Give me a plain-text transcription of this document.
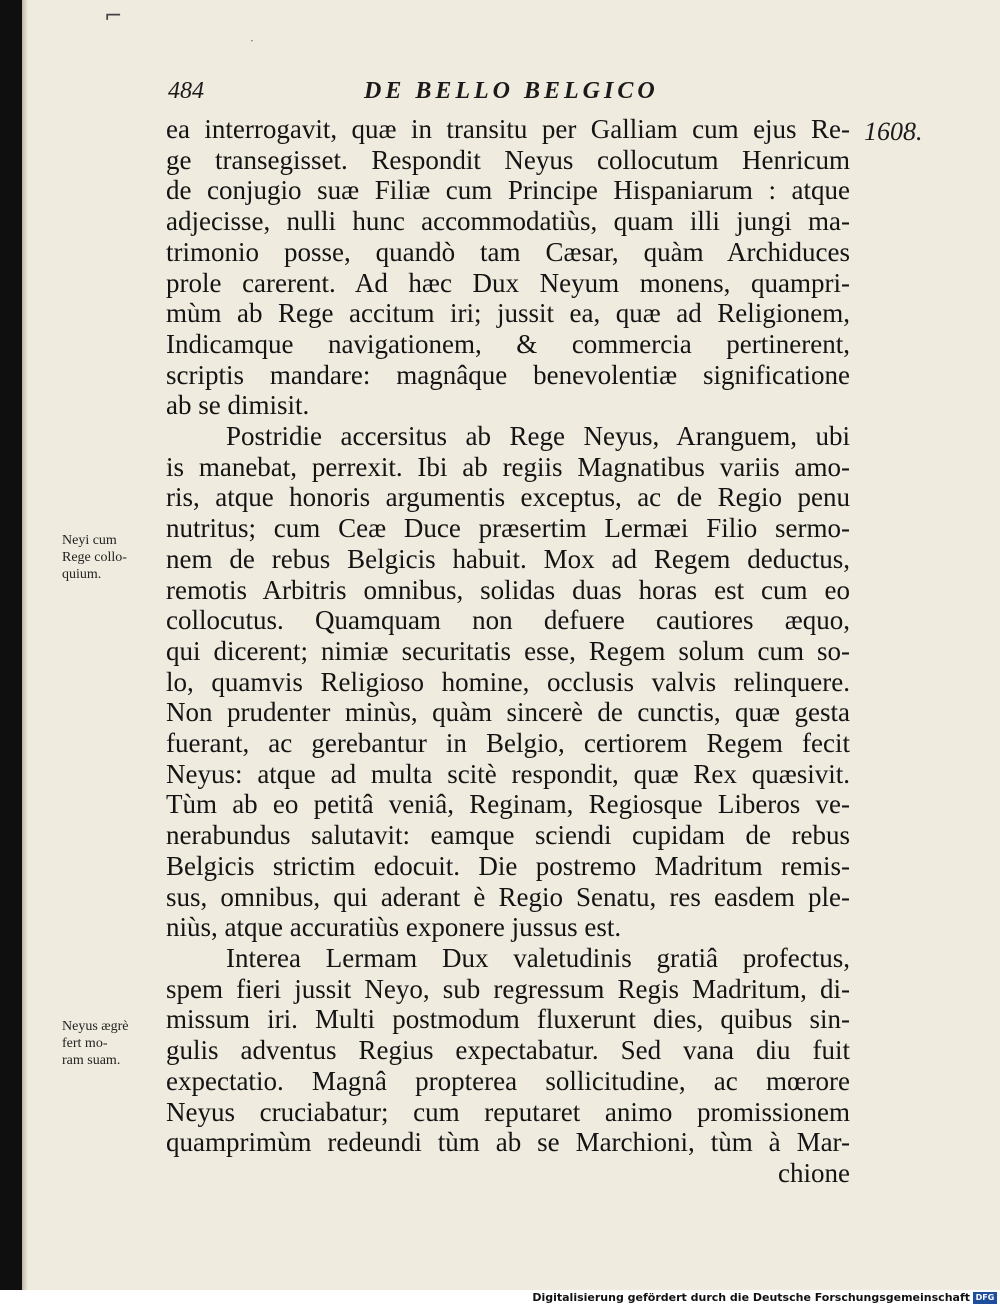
⌐
·
484	DE BELLO BELGICO
1608.
ea interrogavit, quæ in transitu per Galliam cum ejus Re-
ge transegisset. Respondit Neyus collocutum Henricum
de conjugio suæ Filiæ cum Principe Hispaniarum : atque
adjecisse, nulli hunc accommodatiùs, quam illi jungi ma-
trimonio posse, quandò tam Cæsar, quàm Archiduces
prole carerent. Ad hæc Dux Neyum monens, quampri-
mùm ab Rege accitum iri; jussit ea, quæ ad Religionem,
Indicamque navigationem, & commercia pertinerent,
scriptis mandare: magnâque benevolentiæ significatione
ab se dimisit.
Postridie accersitus ab Rege Neyus, Aranguem, ubi
is manebat, perrexit. Ibi ab regiis Magnatibus variis amo-
ris, atque honoris argumentis exceptus, ac de Regio penu
nutritus; cum Ceæ Duce præsertim Lermæi Filio sermo-
nem de rebus Belgicis habuit. Mox ad Regem deductus,
remotis Arbitris omnibus, solidas duas horas est cum eo
collocutus. Quamquam non defuere cautiores æquo,
qui dicerent; nimiæ securitatis esse, Regem solum cum so-
lo, quamvis Religioso homine, occlusis valvis relinquere.
Non prudenter minùs, quàm sincerè de cunctis, quæ gesta
fuerant, ac gerebantur in Belgio, certiorem Regem fecit
Neyus: atque ad multa scitè respondit, quæ Rex quæsivit.
Tùm ab eo petitâ veniâ, Reginam, Regiosque Liberos ve-
nerabundus salutavit: eamque sciendi cupidam de rebus
Belgicis strictim edocuit. Die postremo Madritum remis-
sus, omnibus, qui aderant è Regio Senatu, res easdem ple-
niùs, atque accuratiùs exponere jussus est.
Interea Lermam Dux valetudinis gratiâ profectus,
spem fieri jussit Neyo, sub regressum Regis Madritum, di-
missum iri. Multi postmodum fluxerunt dies, quibus sin-
gulis adventus Regius expectabatur. Sed vana diu fuit
expectatio. Magnâ propterea sollicitudine, ac mœrore
Neyus cruciabatur; cum reputaret animo promissionem
quamprimùm redeundi tùm ab se Marchioni, tùm à Mar-
chione
Neyi cum
Rege collo-
quium.
Neyus ægrè
fert mo-
ram suam.
Digitalisierung gefördert durch die Deutsche Forschungsgemeinschaft DFG
